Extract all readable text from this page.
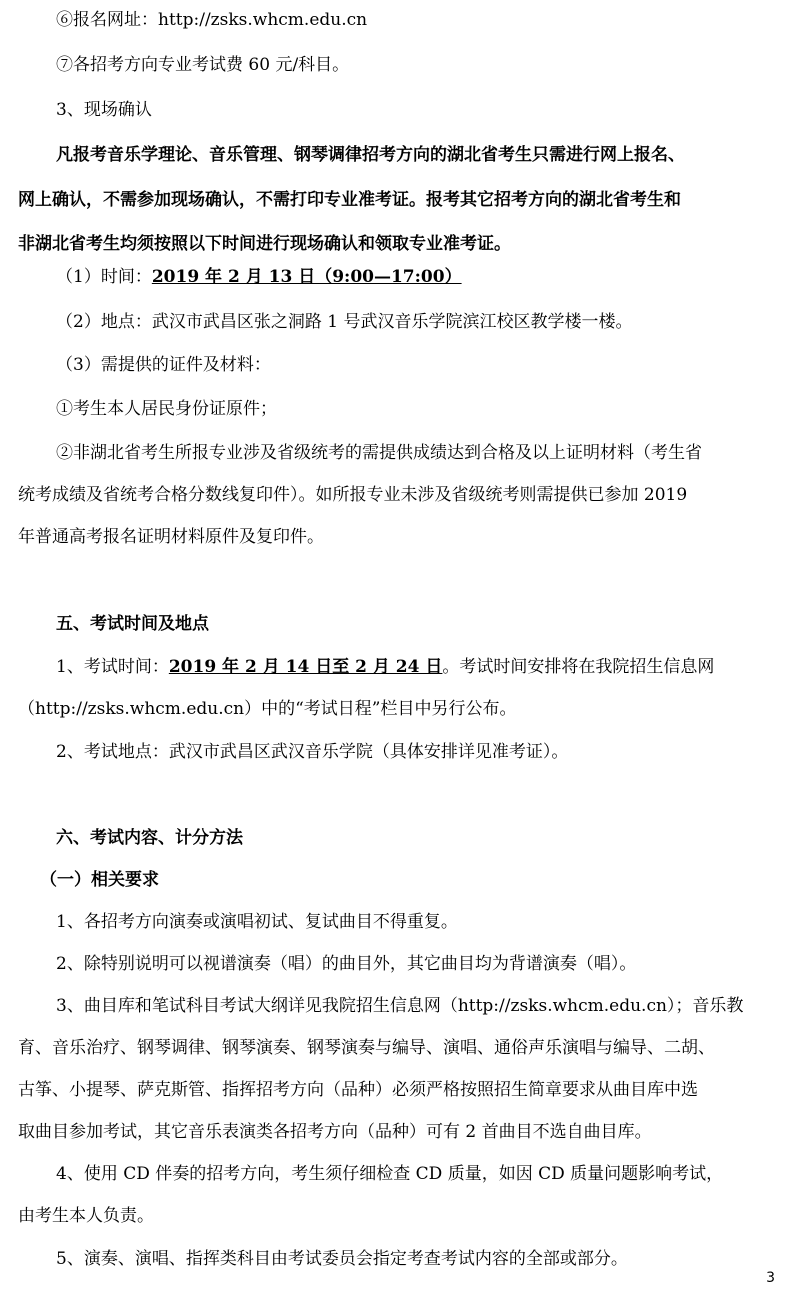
⑥报名网址：http://zsks.whcm.edu.cn
⑦各招考方向专业考试费 60 元/科目。
3、现场确认
凡报考音乐学理论、音乐管理、钢琴调律招考方向的湖北省考生只需进行网上报名、
网上确认，不需参加现场确认，不需打印专业准考证。报考其它招考方向的湖北省考生和
非湖北省考生均须按照以下时间进行现场确认和领取专业准考证。
（1）时间：2019 年 2 月 13 日（9:00—17:00）
（2）地点：武汉市武昌区张之洞路 1 号武汉音乐学院滨江校区教学楼一楼。
（3）需提供的证件及材料：
①考生本人居民身份证原件；
②非湖北省考生所报专业涉及省级统考的需提供成绩达到合格及以上证明材料（考生省
统考成绩及省统考合格分数线复印件）。如所报专业未涉及省级统考则需提供已参加 2019
年普通高考报名证明材料原件及复印件。
五、考试时间及地点
1、考试时间：2019 年 2 月 14 日至 2 月 24 日。考试时间安排将在我院招生信息网
（http://zsks.whcm.edu.cn）中的“考试日程”栏目中另行公布。
2、考试地点：武汉市武昌区武汉音乐学院（具体安排详见准考证）。
六、考试内容、计分方法
（一）相关要求
1、各招考方向演奏或演唱初试、复试曲目不得重复。
2、除特别说明可以视谱演奏（唱）的曲目外，其它曲目均为背谱演奏（唱）。
3、曲目库和笔试科目考试大纲详见我院招生信息网（http://zsks.whcm.edu.cn）；音乐教
育、音乐治疗、钢琴调律、钢琴演奏、钢琴演奏与编导、演唱、通俗声乐演唱与编导、二胡、
古筝、小提琴、萨克斯管、指挥招考方向（品种）必须严格按照招生简章要求从曲目库中选
取曲目参加考试，其它音乐表演类各招考方向（品种）可有 2 首曲目不选自曲目库。
4、使用 CD 伴奏的招考方向，考生须仔细检查 CD 质量，如因 CD 质量问题影响考试，
由考生本人负责。
5、演奏、演唱、指挥类科目由考试委员会指定考查考试内容的全部或部分。
3
